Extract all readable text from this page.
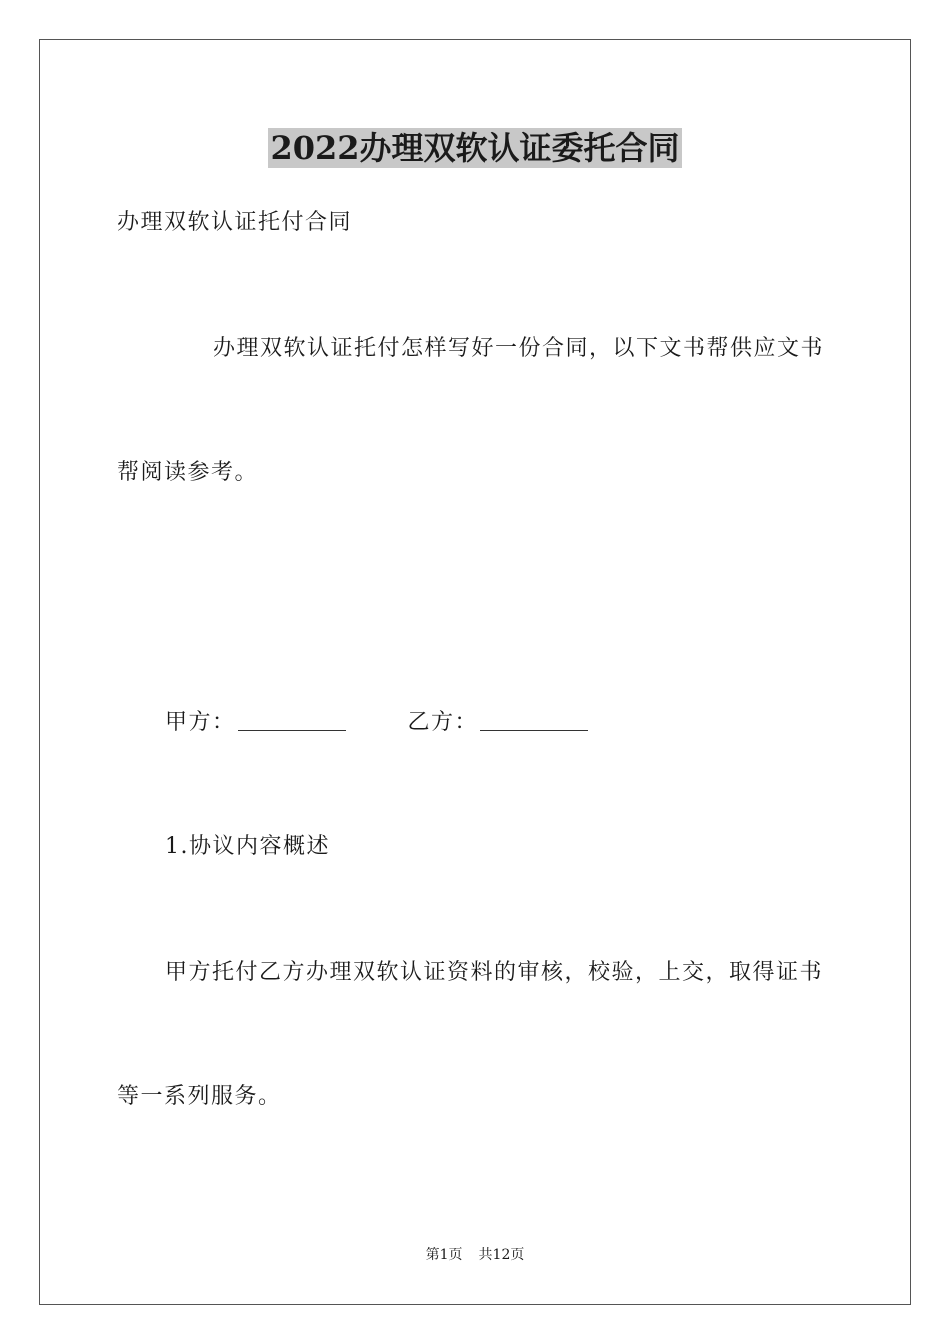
2022办理双软认证委托合同
办理双软认证托付合同
办理双软认证托付怎样写好一份合同，以下文书帮供应文书
帮阅读参考。
甲方：	乙方：
1.协议内容概述
甲方托付乙方办理双软认证资料的审核，校验，上交，取得证书
等一系列服务。
第1页 共12页
